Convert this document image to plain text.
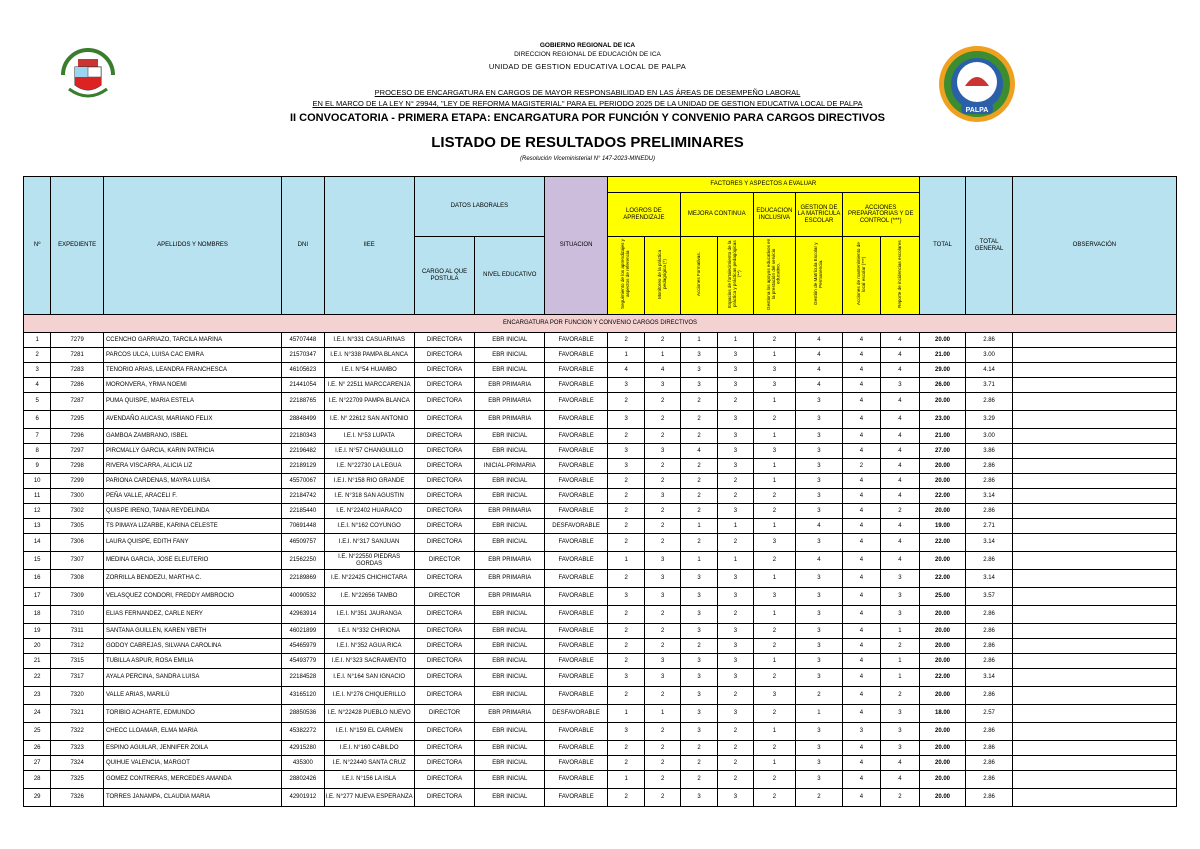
PALPA
GOBIERNO REGIONAL DE ICA
DIRECCION REGIONAL DE EDUCACIÓN DE ICA
UNIDAD DE GESTION EDUCATIVA LOCAL DE PALPA
PROCESO DE ENCARGATURA EN CARGOS DE MAYOR RESPONSABILIDAD EN LAS ÁREAS DE DESEMPEÑO LABORAL
EN EL MARCO DE LA LEY N° 29944, "LEY DE REFORMA MAGISTERIAL" PARA EL PERIODO 2025 DE LA UNIDAD DE GESTION EDUCATIVA LOCAL DE PALPA
II CONVOCATORIA - PRIMERA ETAPA: ENCARGATURA POR FUNCIÓN Y CONVENIO PARA CARGOS DIRECTIVOS
LISTADO DE RESULTADOS PRELIMINARES
(Resolución Viceministerial N° 147-2023-MINEDU)
Nº	EXPEDIENTE	APELLIDOS Y NOMBRES	DNI	IIEE	DATOS LABORALES		SITUACION	FACTORES Y ASPECTOS A EVALUAR								TOTAL	TOTAL GENERAL	OBSERVACIÓN
								LOGROS DE APRENDIZAJE		MEJORA CONTINUA		EDUCACION INCLUSIVA	GESTION DE LA MATRICULA ESCOLAR	ACCIONES PREPARATORIAS Y DE CONTROL (***)				
					CARGO AL QUE POSTULA	NIVEL EDUCATIVO		Seguimiento de los aprendizajes y aspectos de referencia	Monitoreo de la práctica pedagógica (*)	Acciones Formativas.	Espacios de fortalecimiento de la práctica y prácticas pedagógicas (**)	Gestiona los apoyos educativos en la prestación del servicio educativo.	Gestión de Matrícula Escolar y Permanencia.	Acciones de mantenimiento de local escolar (***)	Reporte de incidencias escolares			
ENCARGATURA POR FUNCION Y CONVENIO CARGOS DIRECTIVOS																		
1	7279	CCENCHO GARRIAZO, TARCILA MARINA	45707448	I.E.I. N°331 CASUARINAS	DIRECTORA	EBR INICIAL	FAVORABLE	2	2	1	1	2	4	4	4	20.00	2.86	
2	7281	PARCOS ULCA, LUISA CAC EMIRA	21570347	I.E.I. N°338 PAMPA BLANCA	DIRECTORA	EBR INICIAL	FAVORABLE	1	1	3	3	1	4	4	4	21.00	3.00	
3	7283	TENORIO ARIAS, LEANDRA FRANCHESCA	46105623	I.E.I. N°54 HUAMBO	DIRECTORA	EBR INICIAL	FAVORABLE	4	4	3	3	3	4	4	4	29.00	4.14	
4	7286	MORONVERA, YRMA NOEMI	21441054	I.E. N° 22511 MARCCARENJA	DIRECTORA	EBR PRIMARIA	FAVORABLE	3	3	3	3	3	4	4	3	26.00	3.71	
5	7287	PUMA QUISPE, MARIA ESTELA	22188765	I.E. N°22709 PAMPA BLANCA	DIRECTORA	EBR PRIMARIA	FAVORABLE	2	2	2	2	1	3	4	4	20.00	2.86	
6	7295	AVENDAÑO AUCASI, MARIANO FELIX	28848499	I.E. N° 22612 SAN ANTONIO	DIRECTORA	EBR PRIMARIA	FAVORABLE	3	2	2	3	2	3	4	4	23.00	3.29	
7	7296	GAMBOA ZAMBRANO, ISBEL	22180343	I.E.I. N°53 LUPATA	DIRECTORA	EBR INICIAL	FAVORABLE	2	2	2	3	1	3	4	4	21.00	3.00	
8	7297	PIRCMALLY GARCIA, KARIN PATRICIA	22196482	I.E.I. N°57 CHANGUILLO	DIRECTORA	EBR INICIAL	FAVORABLE	3	3	4	3	3	3	4	4	27.00	3.86	
9	7298	RIVERA VISCARRA, ALICIA LIZ	22189129	I.E. N°22730 LA LEGUA	DIRECTORA	INICIAL-PRIMARIA	FAVORABLE	3	2	2	3	1	3	2	4	20.00	2.86	
10	7299	PARIONA CARDENAS, MAYRA LUISA	45570067	I.E.I. N°158 RIO GRANDE	DIRECTORA	EBR INICIAL	FAVORABLE	2	2	2	2	1	3	4	4	20.00	2.86	
11	7300	PEÑA VALLE, ARACELI F.	22184742	I.E. N°318 SAN AGUSTIN	DIRECTORA	EBR INICIAL	FAVORABLE	2	3	2	2	2	3	4	4	22.00	3.14	
12	7302	QUISPE IRENO, TANIA REYDELINDA	22185440	I.E. N°22402 HUARACO	DIRECTORA	EBR PRIMARIA	FAVORABLE	2	2	2	3	2	3	4	2	20.00	2.86	
13	7305	TS PIMAYA LIZARBE, KARINA CELESTE	70691448	I.E.I. N°162 COYUNGO	DIRECTORA	EBR INICIAL	DESFAVORABLE	2	2	1	1	1	4	4	4	19.00	2.71	
14	7306	LAURA QUISPE, EDITH FANY	46509757	I.E.I. N°317 SANJUAN	DIRECTORA	EBR INICIAL	FAVORABLE	2	2	2	2	3	3	4	4	22.00	3.14	
15	7307	MEDINA GARCIA, JOSE ELEUTERIO	21562250	I.E. N°22550 PIEDRAS GORDAS	DIRECTOR	EBR PRIMARIA	FAVORABLE	1	3	1	1	2	4	4	4	20.00	2.86	
16	7308	ZORRILLA BENDEZU, MARTHA C.	22189869	I.E. N°22425 CHICHICTARA	DIRECTORA	EBR PRIMARIA	FAVORABLE	2	3	3	3	1	3	4	3	22.00	3.14	
17	7309	VELASQUEZ CONDORI, FREDDY AMBROCIO	40090532	I.E. N°22656 TAMBO	DIRECTOR	EBR PRIMARIA	FAVORABLE	3	3	3	3	3	3	4	3	25.00	3.57	
18	7310	ELIAS FERNANDEZ, CARLE NERY	42963914	I.E.I. N°351 JAURANGA	DIRECTORA	EBR INICIAL	FAVORABLE	2	2	3	2	1	3	4	3	20.00	2.86	
19	7311	SANTANA GUILLEN, KAREN YBETH	46021899	I.E.I. N°332 CHIRIONA	DIRECTORA	EBR INICIAL	FAVORABLE	2	2	3	3	2	3	4	1	20.00	2.86	
20	7312	GODOY CABREJAS, SILVANA CAROLINA	45465979	I.E.I. N°352 AGUA RICA	DIRECTORA	EBR INICIAL	FAVORABLE	2	2	2	3	2	3	4	2	20.00	2.86	
21	7315	TUBILLA ASPUR, ROSA EMILIA	45493779	I.E.I. N°323 SACRAMENTO	DIRECTORA	EBR INICIAL	FAVORABLE	2	3	3	3	1	3	4	1	20.00	2.86	
22	7317	AYALA PERCINA, SANDRA LUISA	22184528	I.E.I. N°164 SAN IGNACIO	DIRECTORA	EBR INICIAL	FAVORABLE	3	3	3	3	2	3	4	1	22.00	3.14	
23	7320	VALLE ARIAS, MARILÚ	43165120	I.E.I. N°276 CHIQUERILLO	DIRECTORA	EBR INICIAL	FAVORABLE	2	2	3	2	3	2	4	2	20.00	2.86	
24	7321	TORIBIO ACHARTE, EDMUNDO	28850536	I.E. N°22428 PUEBLO NUEVO	DIRECTOR	EBR PRIMARIA	DESFAVORABLE	1	1	3	3	2	1	4	3	18.00	2.57	
25	7322	CHECC LLOAMAR, ELMA MARIA	45382272	I.E.I. N°159 EL CARMEN	DIRECTORA	EBR INICIAL	FAVORABLE	3	2	3	2	1	3	3	3	20.00	2.86	
26	7323	ESPINO AGUILAR, JENNIFER ZOILA	42915280	I.E.I. N°160 CABILDO	DIRECTORA	EBR INICIAL	FAVORABLE	2	2	2	2	2	3	4	3	20.00	2.86	
27	7324	QUIHUE VALENCIA, MARGOT	435300	I.E. N°22440 SANTA CRUZ	DIRECTORA	EBR INICIAL	FAVORABLE	2	2	2	2	1	3	4	4	20.00	2.86	
28	7325	GOMEZ CONTRERAS, MERCEDES AMANDA	28802426	I.E.I. N°156 LA ISLA	DIRECTORA	EBR INICIAL	FAVORABLE	1	2	2	2	2	3	4	4	20.00	2.86	
29	7326	TORRES JANAMPA, CLAUDIA MARIA	42901912	I.E. N°277 NUEVA ESPERANZA	DIRECTORA	EBR INICIAL	FAVORABLE	2	2	3	3	2	2	4	2	20.00	2.86	
